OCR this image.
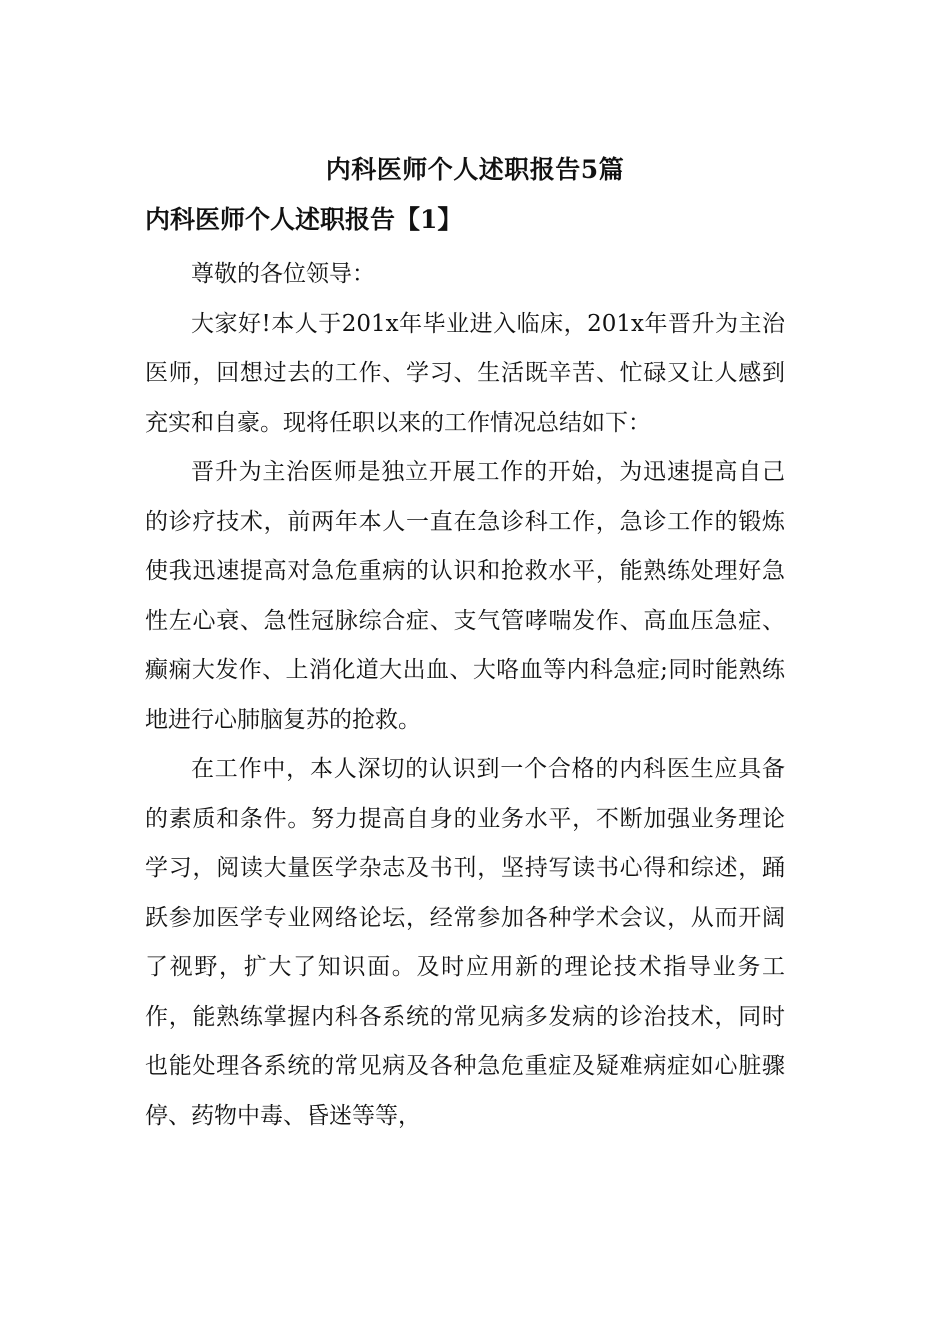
内科医师个人述职报告5篇
内科医师个人述职报告【1】

尊敬的各位领导：

大家好!本人于201x年毕业进入临床，201x年晋升为主治医师，回想过去的工作、学习、生活既辛苦、忙碌又让人感到充实和自豪。现将任职以来的工作情况总结如下：

晋升为主治医师是独立开展工作的开始，为迅速提高自己的诊疗技术，前两年本人一直在急诊科工作，急诊工作的锻炼使我迅速提高对急危重病的认识和抢救水平，能熟练处理好急性左心衰、急性冠脉综合症、支气管哮喘发作、高血压急症、癫痫大发作、上消化道大出血、大咯血等内科急症;同时能熟练地进行心肺脑复苏的抢救。

在工作中，本人深切的认识到一个合格的内科医生应具备的素质和条件。努力提高自身的业务水平，不断加强业务理论学习，阅读大量医学杂志及书刊，坚持写读书心得和综述，踊跃参加医学专业网络论坛，经常参加各种学术会议，从而开阔了视野，扩大了知识面。及时应用新的理论技术指导业务工作，能熟练掌握内科各系统的常见病多发病的诊治技术，同时也能处理各系统的常见病及各种急危重症及疑难病症如心脏骤停、药物中毒、昏迷等等，
